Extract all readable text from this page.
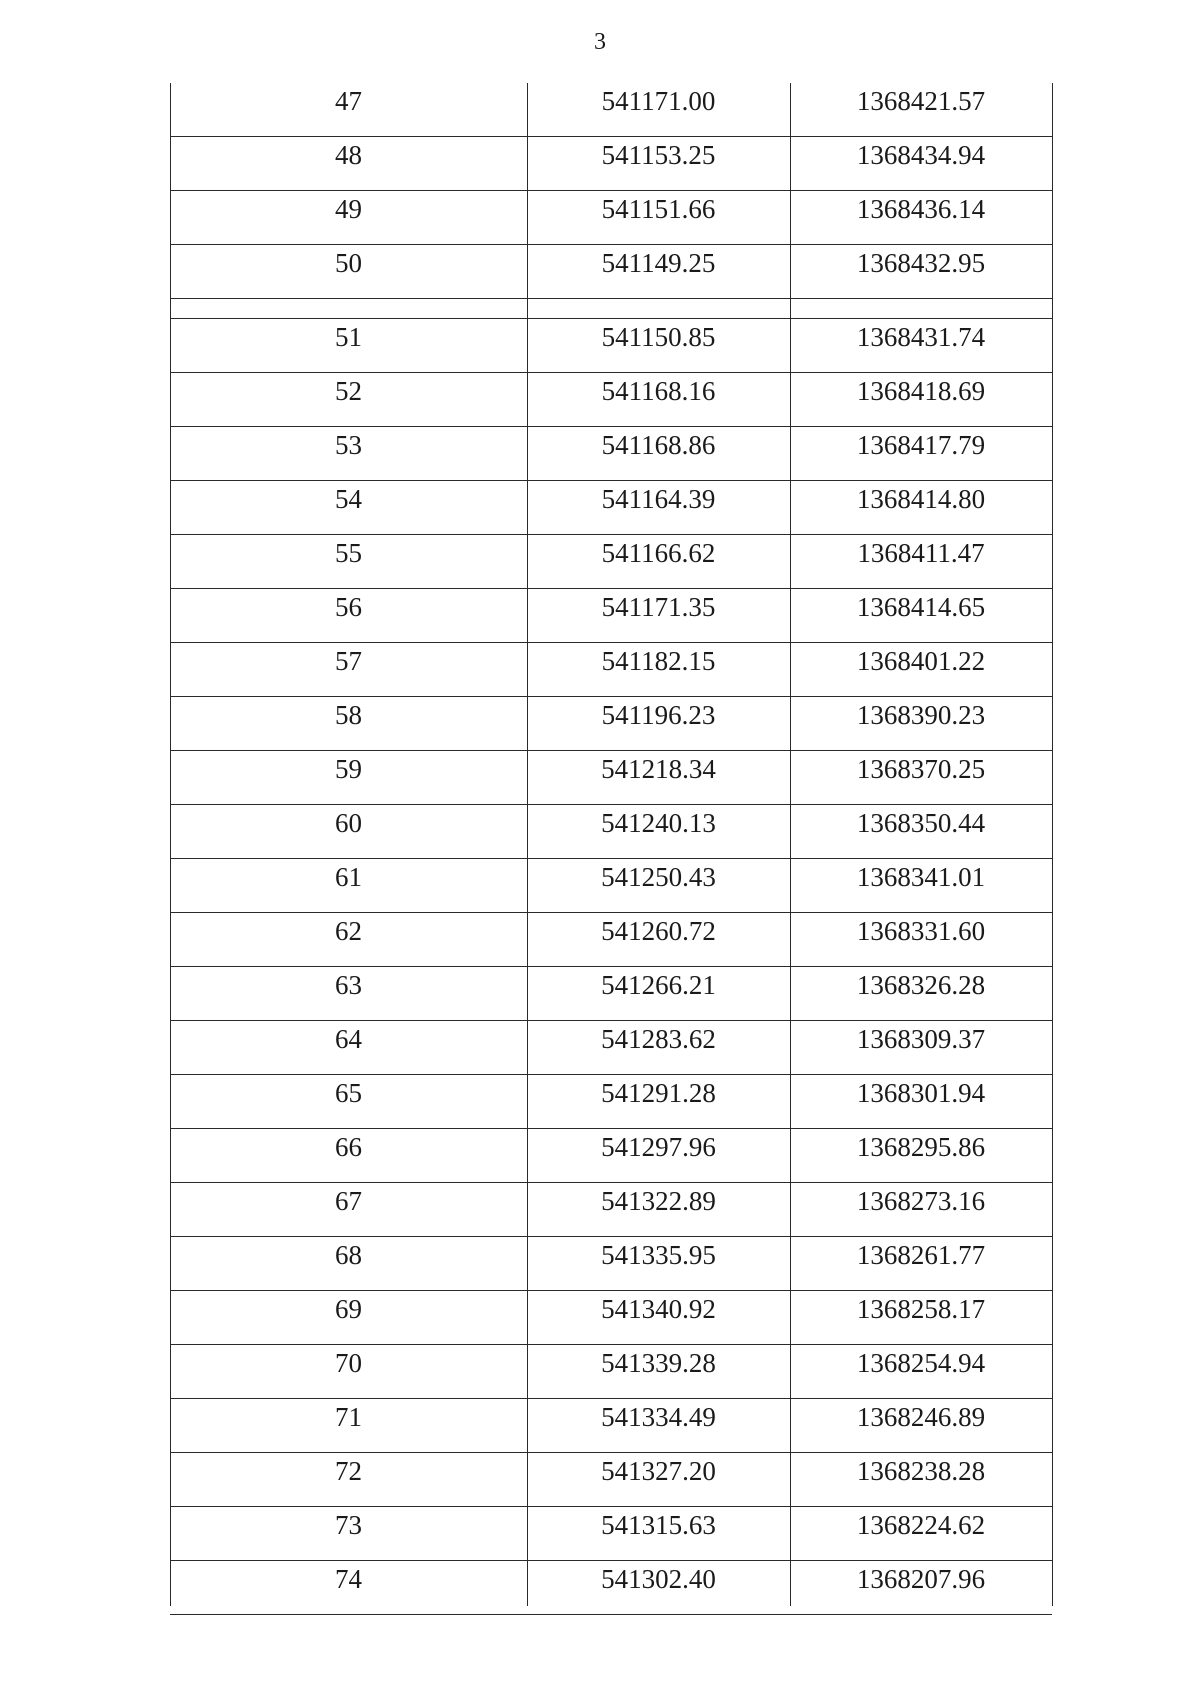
3
47	541171.00	1368421.57
48	541153.25	1368434.94
49	541151.66	1368436.14
50	541149.25	1368432.95
51	541150.85	1368431.74
52	541168.16	1368418.69
53	541168.86	1368417.79
54	541164.39	1368414.80
55	541166.62	1368411.47
56	541171.35	1368414.65
57	541182.15	1368401.22
58	541196.23	1368390.23
59	541218.34	1368370.25
60	541240.13	1368350.44
61	541250.43	1368341.01
62	541260.72	1368331.60
63	541266.21	1368326.28
64	541283.62	1368309.37
65	541291.28	1368301.94
66	541297.96	1368295.86
67	541322.89	1368273.16
68	541335.95	1368261.77
69	541340.92	1368258.17
70	541339.28	1368254.94
71	541334.49	1368246.89
72	541327.20	1368238.28
73	541315.63	1368224.62
74	541302.40	1368207.96
